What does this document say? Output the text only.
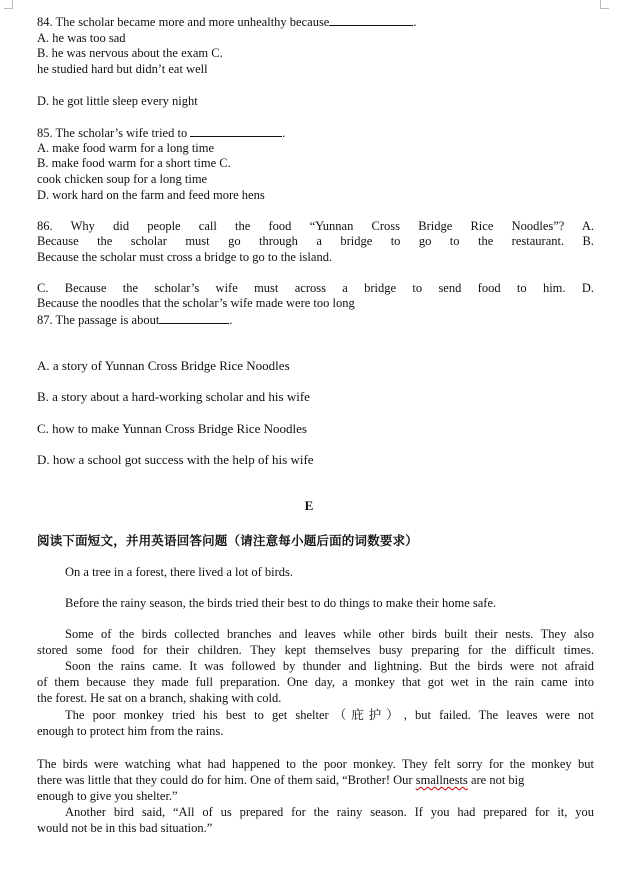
84. The scholar became more and more unhealthy because	.
A. he was too sad
B. he was nervous about the exam C.
he studied hard but didn’t eat well
D. he got little sleep every night
85. The scholar’s wife tried to	.
A. make food warm for a long time
B. make food warm for a short time C.
cook chicken soup for a long time
D. work hard on the farm and feed more hens
86. Why did people call the food “Yunnan Cross Bridge Rice Noodles”? A.
Because the scholar must go through a bridge to go to the restaurant. B.
Because the scholar must cross a bridge to go to the island.
C. Because the scholar’s wife must across a bridge to send food to him. D.
Because the noodles that the scholar’s wife made were too long
87. The passage is about	.
A. a story of Yunnan Cross Bridge Rice Noodles
B. a story about a hard-working scholar and his wife
C. how to make Yunnan Cross Bridge Rice Noodles
D. how a school got success with the help of his wife
E
阅读下面短文，并用英语回答问题（请注意每小题后面的词数要求）
On a tree in a forest, there lived a lot of birds.
Before the rainy season, the birds tried their best to do things to make their home safe.
Some of the birds collected branches and leaves while other birds built their nests. They also
stored some food for their children. They kept themselves busy preparing for the difficult times.
Soon the rains came. It was followed by thunder and lightning. But the birds were not afraid
of them because they made full preparation. One day, a monkey that got wet in the rain came into
the forest. He sat on a branch, shaking with cold.
The poor monkey tried his best to get shelter（庇护）, but failed. The leaves were not
enough to protect him from the rains.
The birds were watching what had happened to the poor monkey. They felt sorry for the monkey but
there was little that they could do for him. One of them said, “Brother! Our smallnests are not big
enough to give you shelter.”
Another bird said, “All of us prepared for the rainy season. If you had prepared for it, you
would not be in this bad situation.”
